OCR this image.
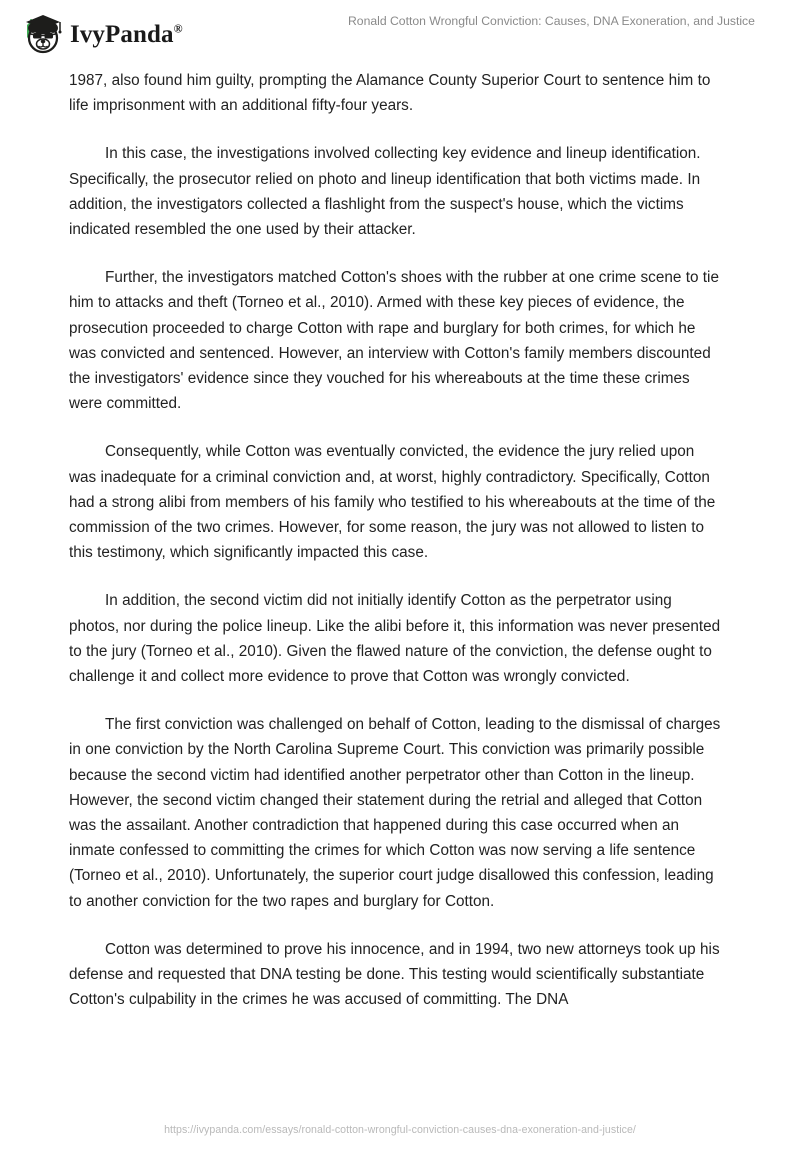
IvyPanda®
Ronald Cotton Wrongful Conviction: Causes, DNA Exoneration, and Justice

1987, also found him guilty, prompting the Alamance County Superior Court to sentence him to life imprisonment with an additional fifty-four years.

In this case, the investigations involved collecting key evidence and lineup identification. Specifically, the prosecutor relied on photo and lineup identification that both victims made. In addition, the investigators collected a flashlight from the suspect's house, which the victims indicated resembled the one used by their attacker.

Further, the investigators matched Cotton's shoes with the rubber at one crime scene to tie him to attacks and theft (Torneo et al., 2010). Armed with these key pieces of evidence, the prosecution proceeded to charge Cotton with rape and burglary for both crimes, for which he was convicted and sentenced. However, an interview with Cotton's family members discounted the investigators' evidence since they vouched for his whereabouts at the time these crimes were committed.

Consequently, while Cotton was eventually convicted, the evidence the jury relied upon was inadequate for a criminal conviction and, at worst, highly contradictory. Specifically, Cotton had a strong alibi from members of his family who testified to his whereabouts at the time of the commission of the two crimes. However, for some reason, the jury was not allowed to listen to this testimony, which significantly impacted this case.

In addition, the second victim did not initially identify Cotton as the perpetrator using photos, nor during the police lineup. Like the alibi before it, this information was never presented to the jury (Torneo et al., 2010). Given the flawed nature of the conviction, the defense ought to challenge it and collect more evidence to prove that Cotton was wrongly convicted.

The first conviction was challenged on behalf of Cotton, leading to the dismissal of charges in one conviction by the North Carolina Supreme Court. This conviction was primarily possible because the second victim had identified another perpetrator other than Cotton in the lineup. However, the second victim changed their statement during the retrial and alleged that Cotton was the assailant. Another contradiction that happened during this case occurred when an inmate confessed to committing the crimes for which Cotton was now serving a life sentence (Torneo et al., 2010). Unfortunately, the superior court judge disallowed this confession, leading to another conviction for the two rapes and burglary for Cotton.

Cotton was determined to prove his innocence, and in 1994, two new attorneys took up his defense and requested that DNA testing be done. This testing would scientifically substantiate Cotton's culpability in the crimes he was accused of committing. The DNA

https://ivypanda.com/essays/ronald-cotton-wrongful-conviction-causes-dna-exoneration-and-justice/
